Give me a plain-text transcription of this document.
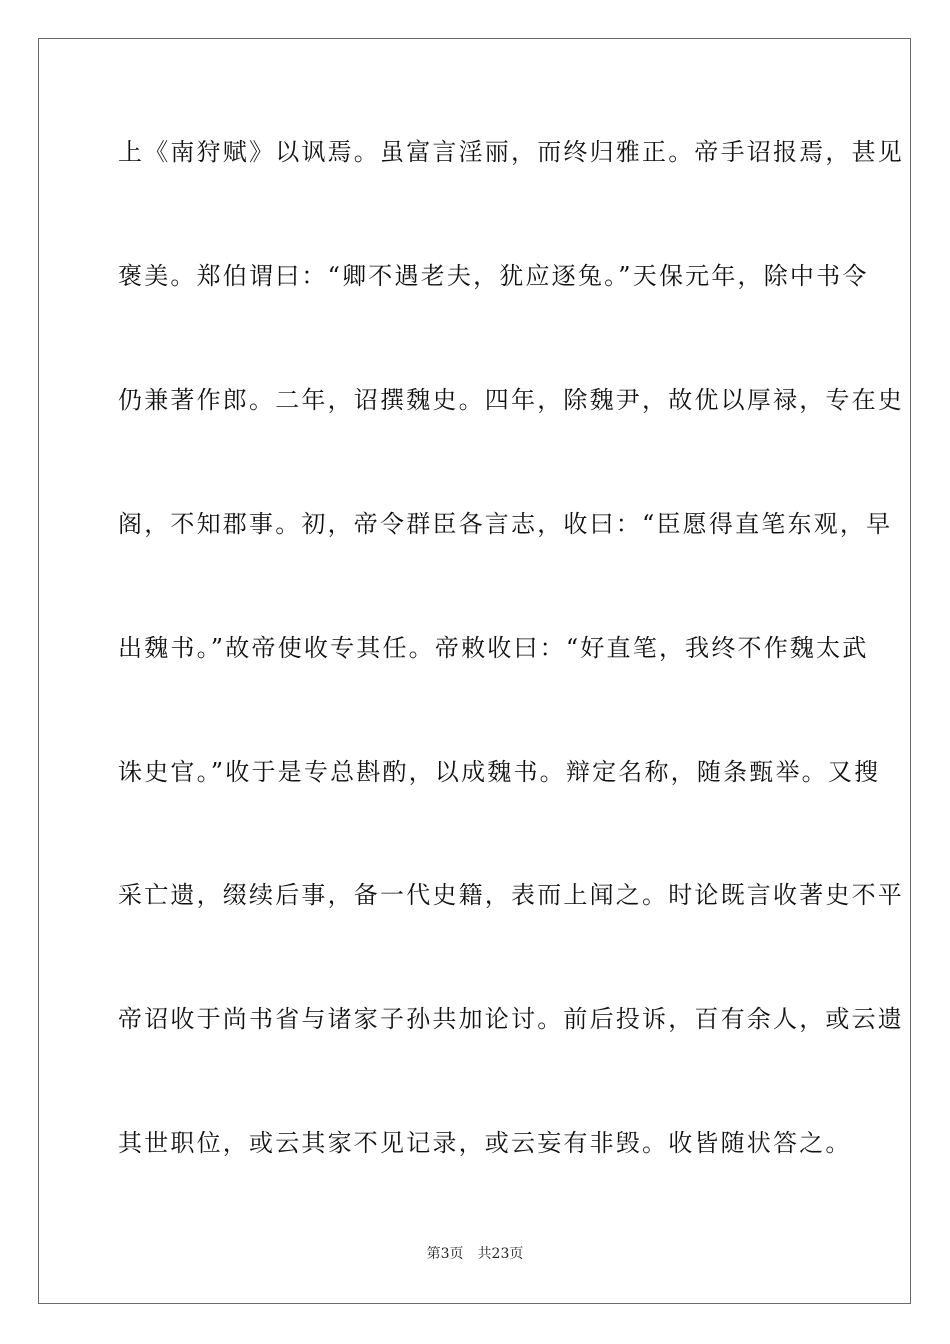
上《南狩赋》以讽焉。虽富言淫丽，而终归雅正。帝手诏报焉，甚见
褒美。郑伯谓曰：“卿不遇老夫，犹应逐兔。”天保元年，除中书令
仍兼著作郎。二年，诏撰魏史。四年，除魏尹，故优以厚禄，专在史
阁，不知郡事。初，帝令群臣各言志，收曰：“臣愿得直笔东观，早
出魏书。”故帝使收专其任。帝敕收曰：“好直笔，我终不作魏太武
诛史官。”收于是专总斟酌，以成魏书。辩定名称，随条甄举。又搜
采亡遗，缀续后事，备一代史籍，表而上闻之。时论既言收著史不平
帝诏收于尚书省与诸家子孙共加论讨。前后投诉，百有余人，或云遗
其世职位，或云其家不见记录，或云妄有非毁。收皆随状答之。
第3页 共23页
